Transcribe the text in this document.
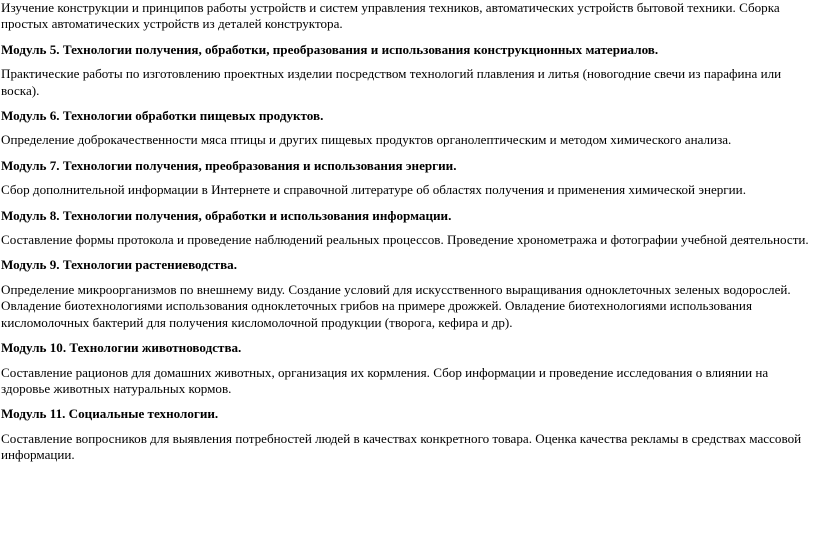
Изучение конструкции и принципов работы устройств и систем управления техников, автоматических устройств бытовой техники. Сборка простых автоматических устройств из деталей конструктора.

Модуль 5. Технологии получения, обработки, преобразования и использования конструкционных материалов.

Практические работы по изготовлению проектных изделии посредством технологий плавления и литья (новогодние свечи из парафина или воска).

Модуль 6. Технологии обработки пищевых продуктов.

Определение доброкачественности мяса птицы и других пищевых продуктов органолептическим и методом химического анализа.

Модуль 7. Технологии получения, преобразования и использования энергии.

Сбор дополнительной информации в Интернете и справочной литературе об областях получения и применения химической энергии.

Модуль 8. Технологии получения, обработки и использования информации.

Составление формы протокола и проведение наблюдений реальных процессов. Проведение хронометража и фотографии учебной деятельности.

Модуль 9. Технологии растениеводства.

Определение микроорганизмов по внешнему виду. Создание условий для искусственного выращивания одноклеточных зеленых водорослей. Овладение биотехнологиями использования одноклеточных грибов на примере дрожжей. Овладение биотехнологиями использования кисломолочных бактерий для получения кисломолочной продукции (творога, кефира и др).

Модуль 10. Технологии животноводства.

Составление рационов для домашних животных, организация их кормления. Сбор информации и проведение исследования о влиянии на здоровье животных натуральных кормов.

Модуль 11. Социальные технологии.

Составление вопросников для выявления потребностей людей в качествах конкретного товара. Оценка качества рекламы в средствах массовой информации.
